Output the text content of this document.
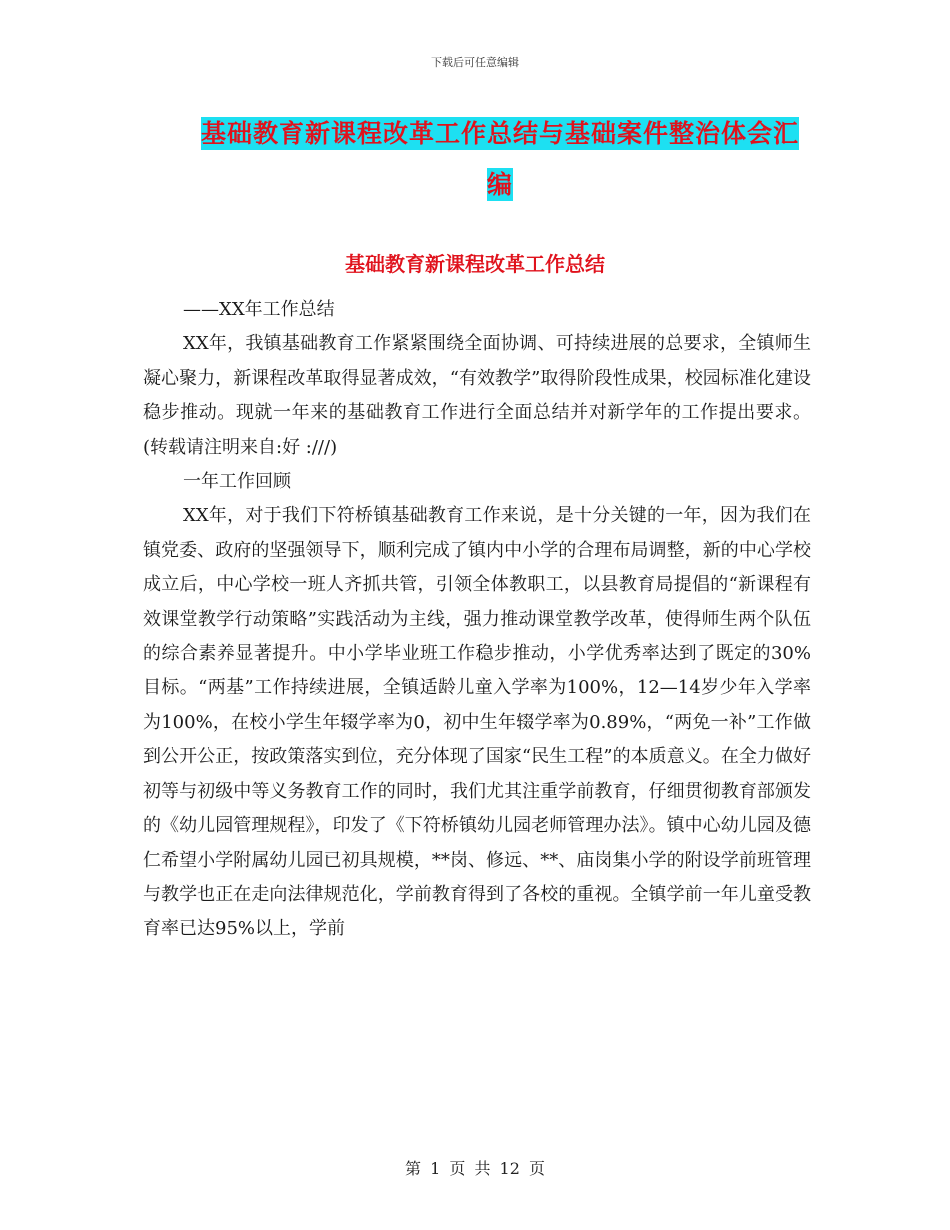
下载后可任意编辑
基础教育新课程改革工作总结与基础案件整治体会汇编
基础教育新课程改革工作总结

——XX年工作总结

XX年，我镇基础教育工作紧紧围绕全面协调、可持续进展的总要求，全镇师生凝心聚力，新课程改革取得显著成效，“有效教学”取得阶段性成果，校园标准化建设稳步推动。现就一年来的基础教育工作进行全面总结并对新学年的工作提出要求。(转载请注明来自:好 :///)

一年工作回顾

XX年，对于我们下符桥镇基础教育工作来说，是十分关键的一年，因为我们在镇党委、政府的坚强领导下，顺利完成了镇内中小学的合理布局调整，新的中心学校成立后，中心学校一班人齐抓共管，引领全体教职工，以县教育局提倡的“新课程有效课堂教学行动策略”实践活动为主线，强力推动课堂教学改革，使得师生两个队伍的综合素养显著提升。中小学毕业班工作稳步推动，小学优秀率达到了既定的30%目标。“两基”工作持续进展，全镇适龄儿童入学率为100%，12—14岁少年入学率为100%，在校小学生年辍学率为0，初中生年辍学率为0.89%，“两免一补”工作做到公开公正，按政策落实到位，充分体现了国家“民生工程”的本质意义。在全力做好初等与初级中等义务教育工作的同时，我们尤其注重学前教育，仔细贯彻教育部颁发的《幼儿园管理规程》，印发了《下符桥镇幼儿园老师管理办法》。镇中心幼儿园及德仁希望小学附属幼儿园已初具规模，**岗、修远、**、庙岗集小学的附设学前班管理与教学也正在走向法律规范化，学前教育得到了各校的重视。全镇学前一年儿童受教育率已达95%以上，学前

第 1 页 共 12 页
